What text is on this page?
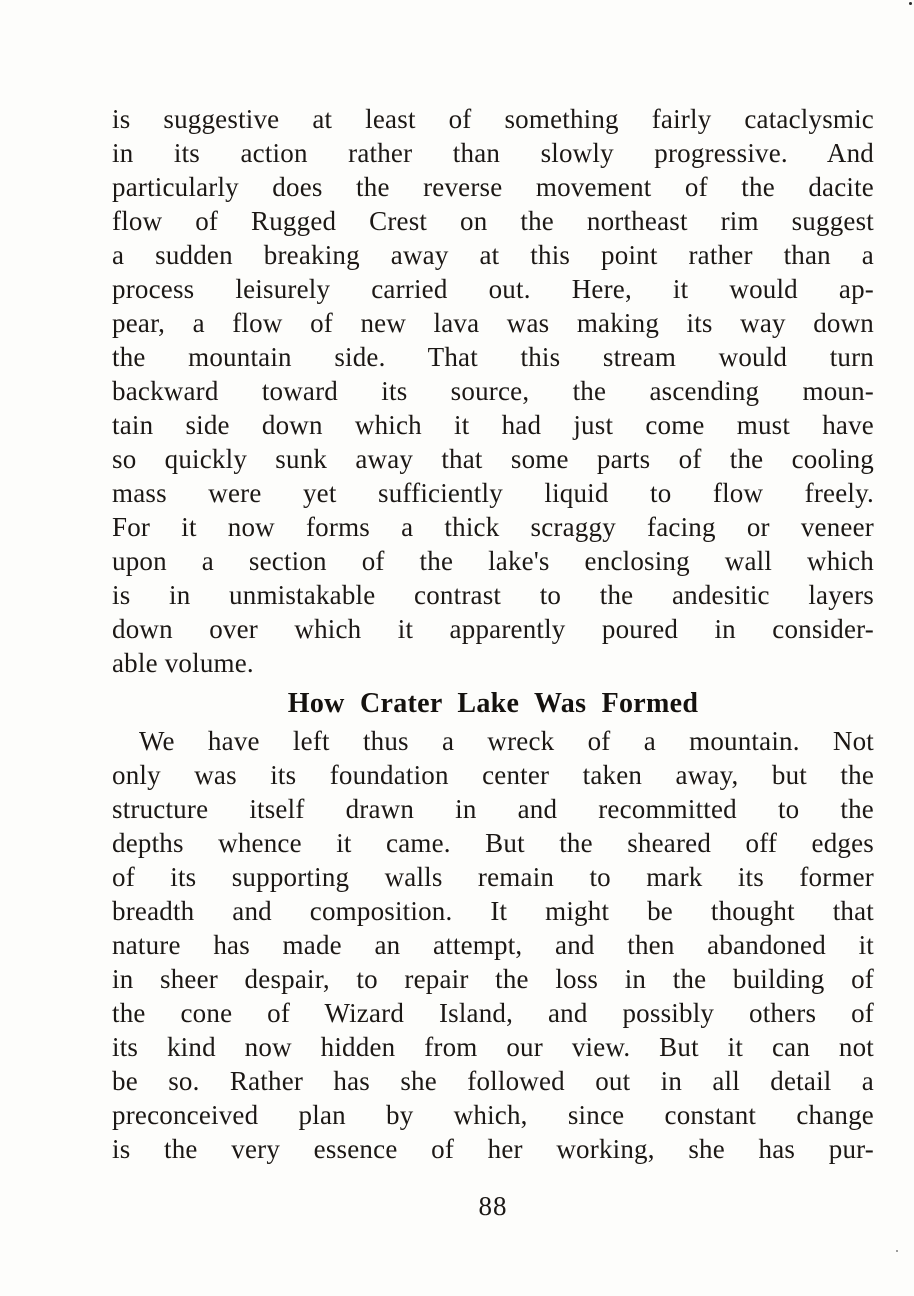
is suggestive at least of something fairly cataclysmic
in its action rather than slowly progressive. And
particularly does the reverse movement of the dacite
flow of Rugged Crest on the northeast rim suggest
a sudden breaking away at this point rather than a
process leisurely carried out. Here, it would ap-
pear, a flow of new lava was making its way down
the mountain side. That this stream would turn
backward toward its source, the ascending moun-
tain side down which it had just come must have
so quickly sunk away that some parts of the cooling
mass were yet sufficiently liquid to flow freely.
For it now forms a thick scraggy facing or veneer
upon a section of the lake's enclosing wall which
is in unmistakable contrast to the andesitic layers
down over which it apparently poured in consider-
able volume.
How Crater Lake Was Formed
We have left thus a wreck of a mountain. Not
only was its foundation center taken away, but the
structure itself drawn in and recommitted to the
depths whence it came. But the sheared off edges
of its supporting walls remain to mark its former
breadth and composition. It might be thought that
nature has made an attempt, and then abandoned it
in sheer despair, to repair the loss in the building of
the cone of Wizard Island, and possibly others of
its kind now hidden from our view. But it can not
be so. Rather has she followed out in all detail a
preconceived plan by which, since constant change
is the very essence of her working, she has pur-
88
